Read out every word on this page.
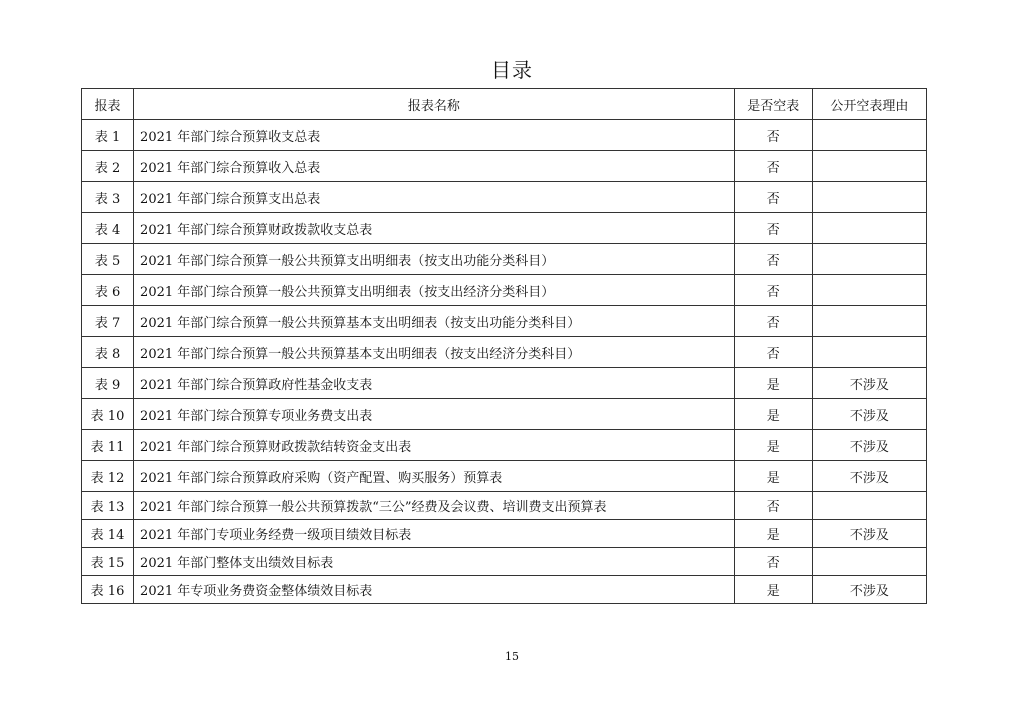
目录
报表	报表名称	是否空表	公开空表理由
表 1	2021 年部门综合预算收支总表	否	
表 2	2021 年部门综合预算收入总表	否	
表 3	2021 年部门综合预算支出总表	否	
表 4	2021 年部门综合预算财政拨款收支总表	否	
表 5	2021 年部门综合预算一般公共预算支出明细表（按支出功能分类科目）	否	
表 6	2021 年部门综合预算一般公共预算支出明细表（按支出经济分类科目）	否	
表 7	2021 年部门综合预算一般公共预算基本支出明细表（按支出功能分类科目）	否	
表 8	2021 年部门综合预算一般公共预算基本支出明细表（按支出经济分类科目）	否	
表 9	2021 年部门综合预算政府性基金收支表	是	不涉及
表 10	2021 年部门综合预算专项业务费支出表	是	不涉及
表 11	2021 年部门综合预算财政拨款结转资金支出表	是	不涉及
表 12	2021 年部门综合预算政府采购（资产配置、购买服务）预算表	是	不涉及
表 13	2021 年部门综合预算一般公共预算拨款“三公”经费及会议费、培训费支出预算表	否	
表 14	2021 年部门专项业务经费一级项目绩效目标表	是	不涉及
表 15	2021 年部门整体支出绩效目标表	否	
表 16	2021 年专项业务费资金整体绩效目标表	是	不涉及
15
